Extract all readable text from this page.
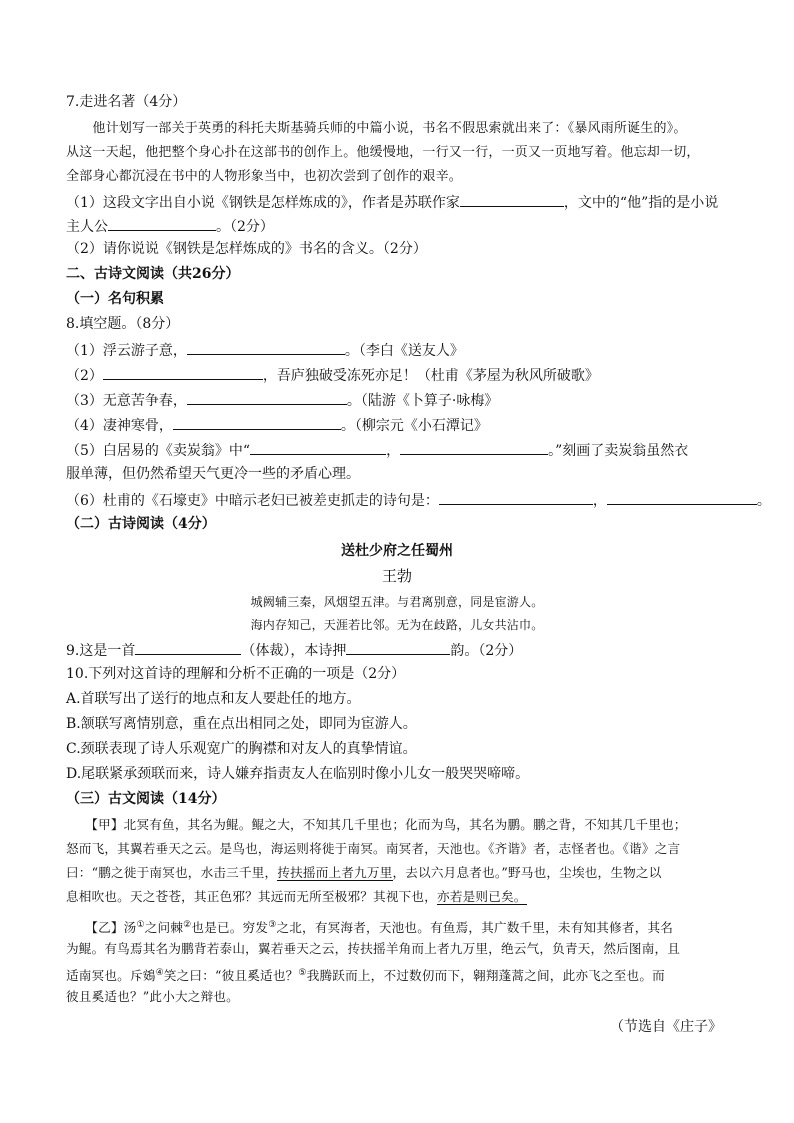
7.走进名著（4分）
　　他计划写一部关于英勇的科托夫斯基骑兵师的中篇小说，书名不假思索就出来了：《暴风雨所诞生的》。
从这一天起，他把整个身心扑在这部书的创作上。他缓慢地，一行又一行，一页又一页地写着。他忘却一切，
全部身心都沉浸在书中的人物形象当中，也初次尝到了创作的艰辛。
（1）这段文字出自小说《钢铁是怎样炼成的》，作者是苏联作家	，文中的“他”指的是小说
主人公	。（2分）
（2）请你说说《钢铁是怎样炼成的》书名的含义。（2分）
二、古诗文阅读（共26分）
（一）名句积累
8.填空题。（8分）
（1）浮云游子意，	。（李白《送友人》
（2）	，吾庐独破受冻死亦足！（杜甫《茅屋为秋风所破歌》
（3）无意苦争春，	。（陆游《卜算子·咏梅》
（4）凄神寒骨，	。（柳宗元《小石潭记》
（5）白居易的《卖炭翁》中“	，	。”刻画了卖炭翁虽然衣
服单薄，但仍然希望天气更冷一些的矛盾心理。
（6）杜甫的《石壕吏》中暗示老妇已被差吏抓走的诗句是：	，	。
（二）古诗阅读（4分）
送杜少府之任蜀州
王勃
城阙辅三秦，风烟望五津。与君离别意，同是宦游人。
海内存知己，天涯若比邻。无为在歧路，儿女共沾巾。
9.这是一首	（体裁），本诗押	韵。（2分）
10.下列对这首诗的理解和分析不正确的一项是（2分）
A.首联写出了送行的地点和友人要赴任的地方。
B.颔联写离情别意，重在点出相同之处，即同为宦游人。
C.颈联表现了诗人乐观宽广的胸襟和对友人的真挚情谊。
D.尾联紧承颈联而来，诗人嫌弃指责友人在临别时像小儿女一般哭哭啼啼。
（三）古文阅读（14分）
　　【甲】北冥有鱼，其名为鲲。鲲之大，不知其几千里也；化而为鸟，其名为鹏。鹏之背，不知其几千里也；
怒而飞，其翼若垂天之云。是鸟也，海运则将徙于南冥。南冥者，天池也。《齐谐》者，志怪者也。《谐》之言
曰：“鹏之徙于南冥也，水击三千里，抟扶摇而上者九万里，去以六月息者也。”野马也，尘埃也，生物之以
息相吹也。天之苍苍，其正色邪？其远而无所至极邪？其视下也，亦若是则已矣。
　　【乙】汤①之问棘②也是已。穷发③之北，有冥海者，天池也。有鱼焉，其广数千里，未有知其修者，其名
为鲲。有鸟焉其名为鹏背若泰山，翼若垂天之云，抟扶摇羊角而上者九万里，绝云气，负青天，然后图南，且
适南冥也。斥鴳④笑之曰：“彼且奚适也？⑤我腾跃而上，不过数仞而下，翱翔蓬蒿之间，此亦飞之至也。而
彼且奚适也？”此小大之辩也。
（节选自《庄子》
